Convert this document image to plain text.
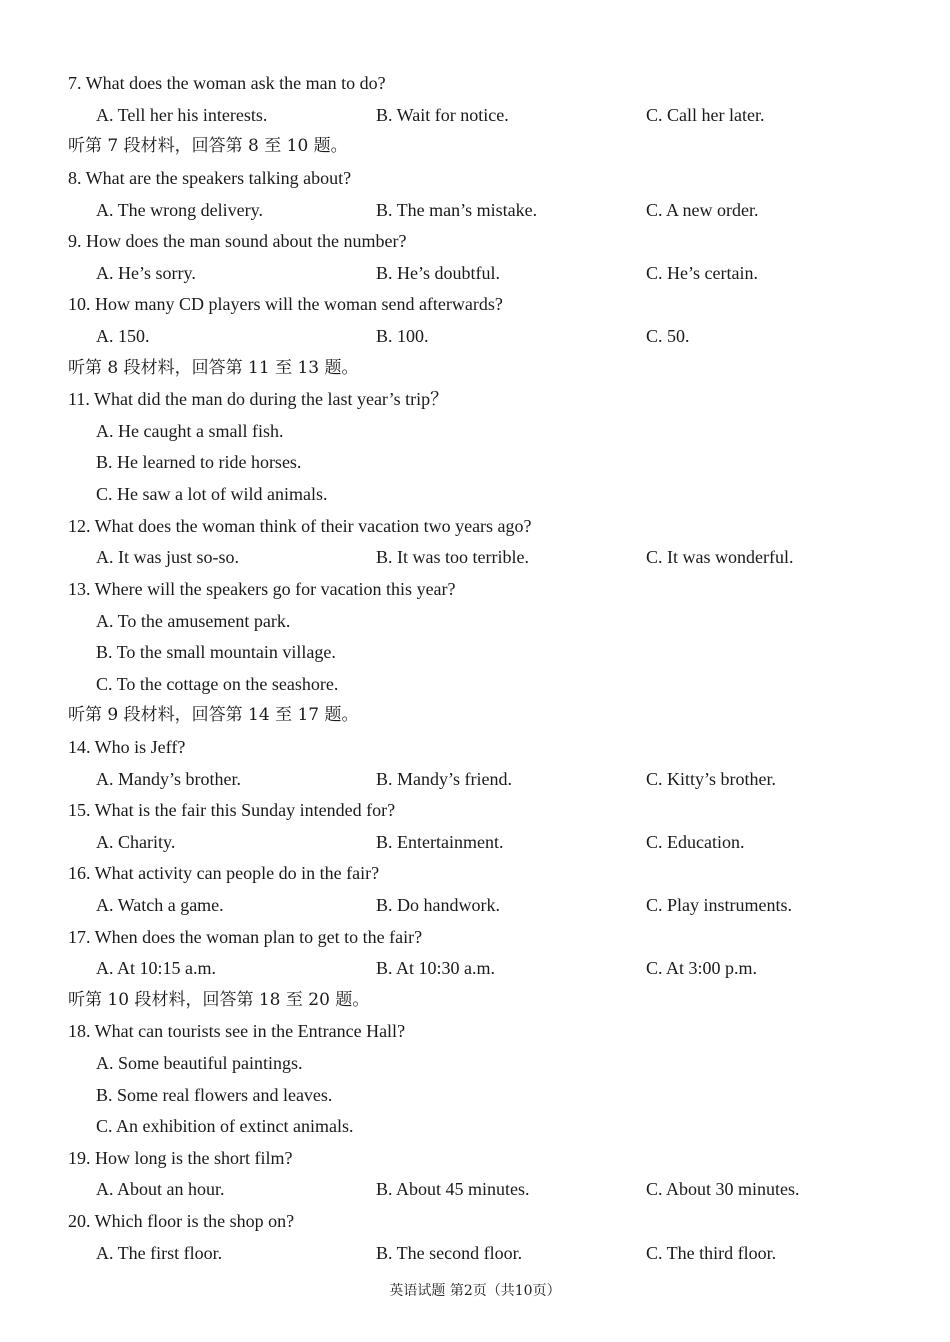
7. What does the woman ask the man to do?
A. Tell her his interests.	B. Wait for notice.	C. Call her later.
听第 7 段材料，回答第 8 至 10 题。
8. What are the speakers talking about?
A. The wrong delivery.	B. The man’s mistake.	C. A new order.
9. How does the man sound about the number?
A. He’s sorry.	B. He’s doubtful.	C. He’s certain.
10. How many CD players will the woman send afterwards?
A. 150.	B. 100.	C. 50.
听第 8 段材料，回答第 11 至 13 题。
11. What did the man do during the last year’s trip？
A. He caught a small fish.
B. He learned to ride horses.
C. He saw a lot of wild animals.
12. What does the woman think of their vacation two years ago?
A. It was just so-so.	B. It was too terrible.	C. It was wonderful.
13. Where will the speakers go for vacation this year?
A. To the amusement park.
B. To the small mountain village.
C. To the cottage on the seashore.
听第 9 段材料，回答第 14 至 17 题。
14. Who is Jeff?
A. Mandy’s brother.	B. Mandy’s friend.	C. Kitty’s brother.
15. What is the fair this Sunday intended for?
A. Charity.	B. Entertainment.	C. Education.
16. What activity can people do in the fair?
A. Watch a game.	B. Do handwork.	C. Play instruments.
17. When does the woman plan to get to the fair?
A. At 10:15 a.m.	B. At 10:30 a.m.	C. At 3:00 p.m.
听第 10 段材料，回答第 18 至 20 题。
18. What can tourists see in the Entrance Hall?
A. Some beautiful paintings.
B. Some real flowers and leaves.
C. An exhibition of extinct animals.
19. How long is the short film?
A. About an hour.	B. About 45 minutes.	C. About 30 minutes.
20. Which floor is the shop on?
A. The first floor.	B. The second floor.	C. The third floor.
英语试题 第2页（共10页）
